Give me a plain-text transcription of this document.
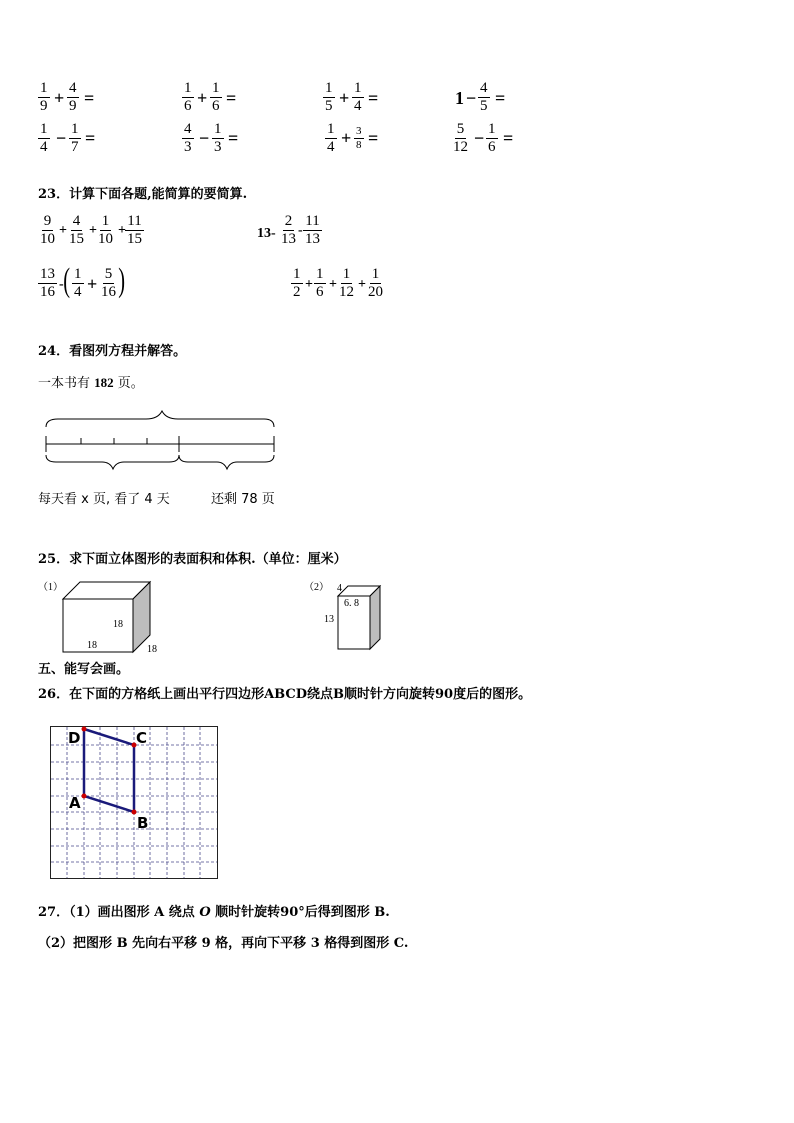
$\frac{1}{9} + \frac{4}{9}$ =	$\frac{1}{6} + \frac{1}{6}$ =	$\frac{1}{5} + \frac{1}{4}$ =	$1 - \frac{4}{5}$ =
$\frac{1}{4} - \frac{1}{7}$ =	$\frac{4}{3} - \frac{1}{3}$ =	$\frac{1}{4} + \frac{3}{8}$ =	$\frac{5}{12} - \frac{1}{6}$ =
23．计算下面各题,能简算的要简算.
$\frac{9}{10} + \frac{4}{15} + \frac{1}{10} + \frac{11}{15}$	$13- \frac{2}{13} - \frac{11}{13}$
$\frac{13}{16}$ - ( $\frac{1}{4} + \frac{5}{16}$ )	$\frac{1}{2} + \frac{1}{6} + \frac{1}{12} + \frac{1}{20}$
24．看图列方程并解答。
一本书有 182 页。
每天看 x 页, 看了 4 天	还剩 78 页
25．求下面立体图形的表面积和体积.（单位：厘米）
（1）
18
18
18
（2） 4
6. 8
13
五、能写会画。
26．在下面的方格纸上画出平行四边形ABCD绕点B顺时针方向旋转90度后的图形。
D	C
A
B
27．（1）画出图形 A 绕点 O 顺时针旋转90°后得到图形 B.
（2）把图形 B 先向右平移 9 格，再向下平移 3 格得到图形 C.
